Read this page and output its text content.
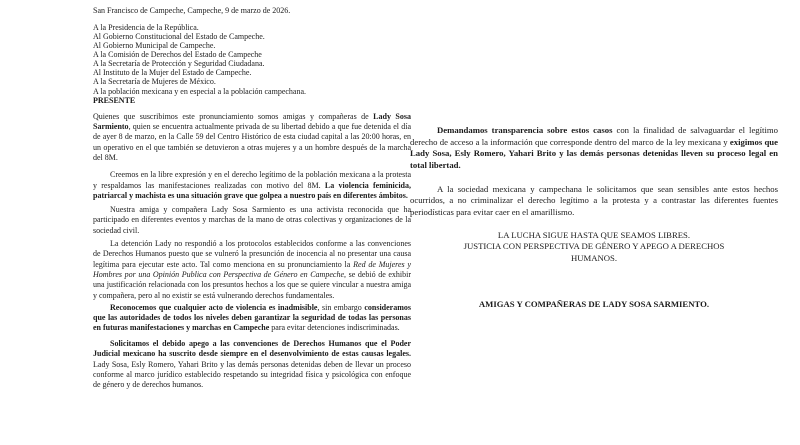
San Francisco de Campeche, Campeche, 9 de marzo de 2026.
A la Presidencia de la República.
Al Gobierno Constitucional del Estado de Campeche.
Al Gobierno Municipal de Campeche.
A la Comisión de Derechos del Estado de Campeche
A la Secretaría de Protección y Seguridad Ciudadana.
Al Instituto de la Mujer del Estado de Campeche.
A la Secretaría de Mujeres de México.
A la población mexicana y en especial a la población campechana.
PRESENTE

Quienes que suscribimos este pronunciamiento somos amigas y compañeras de Lady Sosa Sarmiento, quien se encuentra actualmente privada de su libertad debido a que fue detenida el día de ayer 8 de marzo, en la Calle 59 del Centro Histórico de esta ciudad capital a las 20:00 horas, en un operativo en el que también se detuvieron a otras mujeres y a un hombre después de la marcha del 8M.

Creemos en la libre expresión y en el derecho legítimo de la población mexicana a la protesta y respaldamos las manifestaciones realizadas con motivo del 8M. La violencia feminicida, patriarcal y machista es una situación grave que golpea a nuestro país en diferentes ámbitos.

Nuestra amiga y compañera Lady Sosa Sarmiento es una activista reconocida que ha participado en diferentes eventos y marchas de la mano de otras colectivas y organizaciones de la sociedad civil.

La detención Lady no respondió a los protocolos establecidos conforme a las convenciones de Derechos Humanos puesto que se vulneró la presunción de inocencia al no presentar una causa legítima para ejecutar este acto. Tal como menciona en su pronunciamiento la Red de Mujeres y Hombres por una Opinión Publica con Perspectiva de Género en Campeche, se debió de exhibir una justificación relacionada con los presuntos hechos a los que se quiere vincular a nuestra amiga y compañera, pero al no existir se está vulnerando derechos fundamentales.

Reconocemos que cualquier acto de violencia es inadmisible, sin embargo consideramos que las autoridades de todos los niveles deben garantizar la seguridad de todas las personas en futuras manifestaciones y marchas en Campeche para evitar detenciones indiscriminadas.

Solicitamos el debido apego a las convenciones de Derechos Humanos que el Poder Judicial mexicano ha suscrito desde siempre en el desenvolvimiento de estas causas legales. Lady Sosa, Esly Romero, Yahari Brito y las demás personas detenidas deben de llevar un proceso conforme al marco jurídico establecido respetando su integridad física y psicológica con enfoque de género y de derechos humanos.

Demandamos transparencia sobre estos casos con la finalidad de salvaguardar el legítimo derecho de acceso a la información que corresponde dentro del marco de la ley mexicana y exigimos que Lady Sosa, Esly Romero, Yahari Brito y las demás personas detenidas lleven su proceso legal en total libertad.

A la sociedad mexicana y campechana le solicitamos que sean sensibles ante estos hechos ocurridos, a no criminalizar el derecho legítimo a la protesta y a contrastar las diferentes fuentes periodísticas para evitar caer en el amarillismo.

LA LUCHA SIGUE HASTA QUE SEAMOS LIBRES.
JUSTICIA CON PERSPECTIVA DE GÉNERO Y APEGO A DERECHOS
HUMANOS.
AMIGAS Y COMPAÑERAS DE LADY SOSA SARMIENTO.
